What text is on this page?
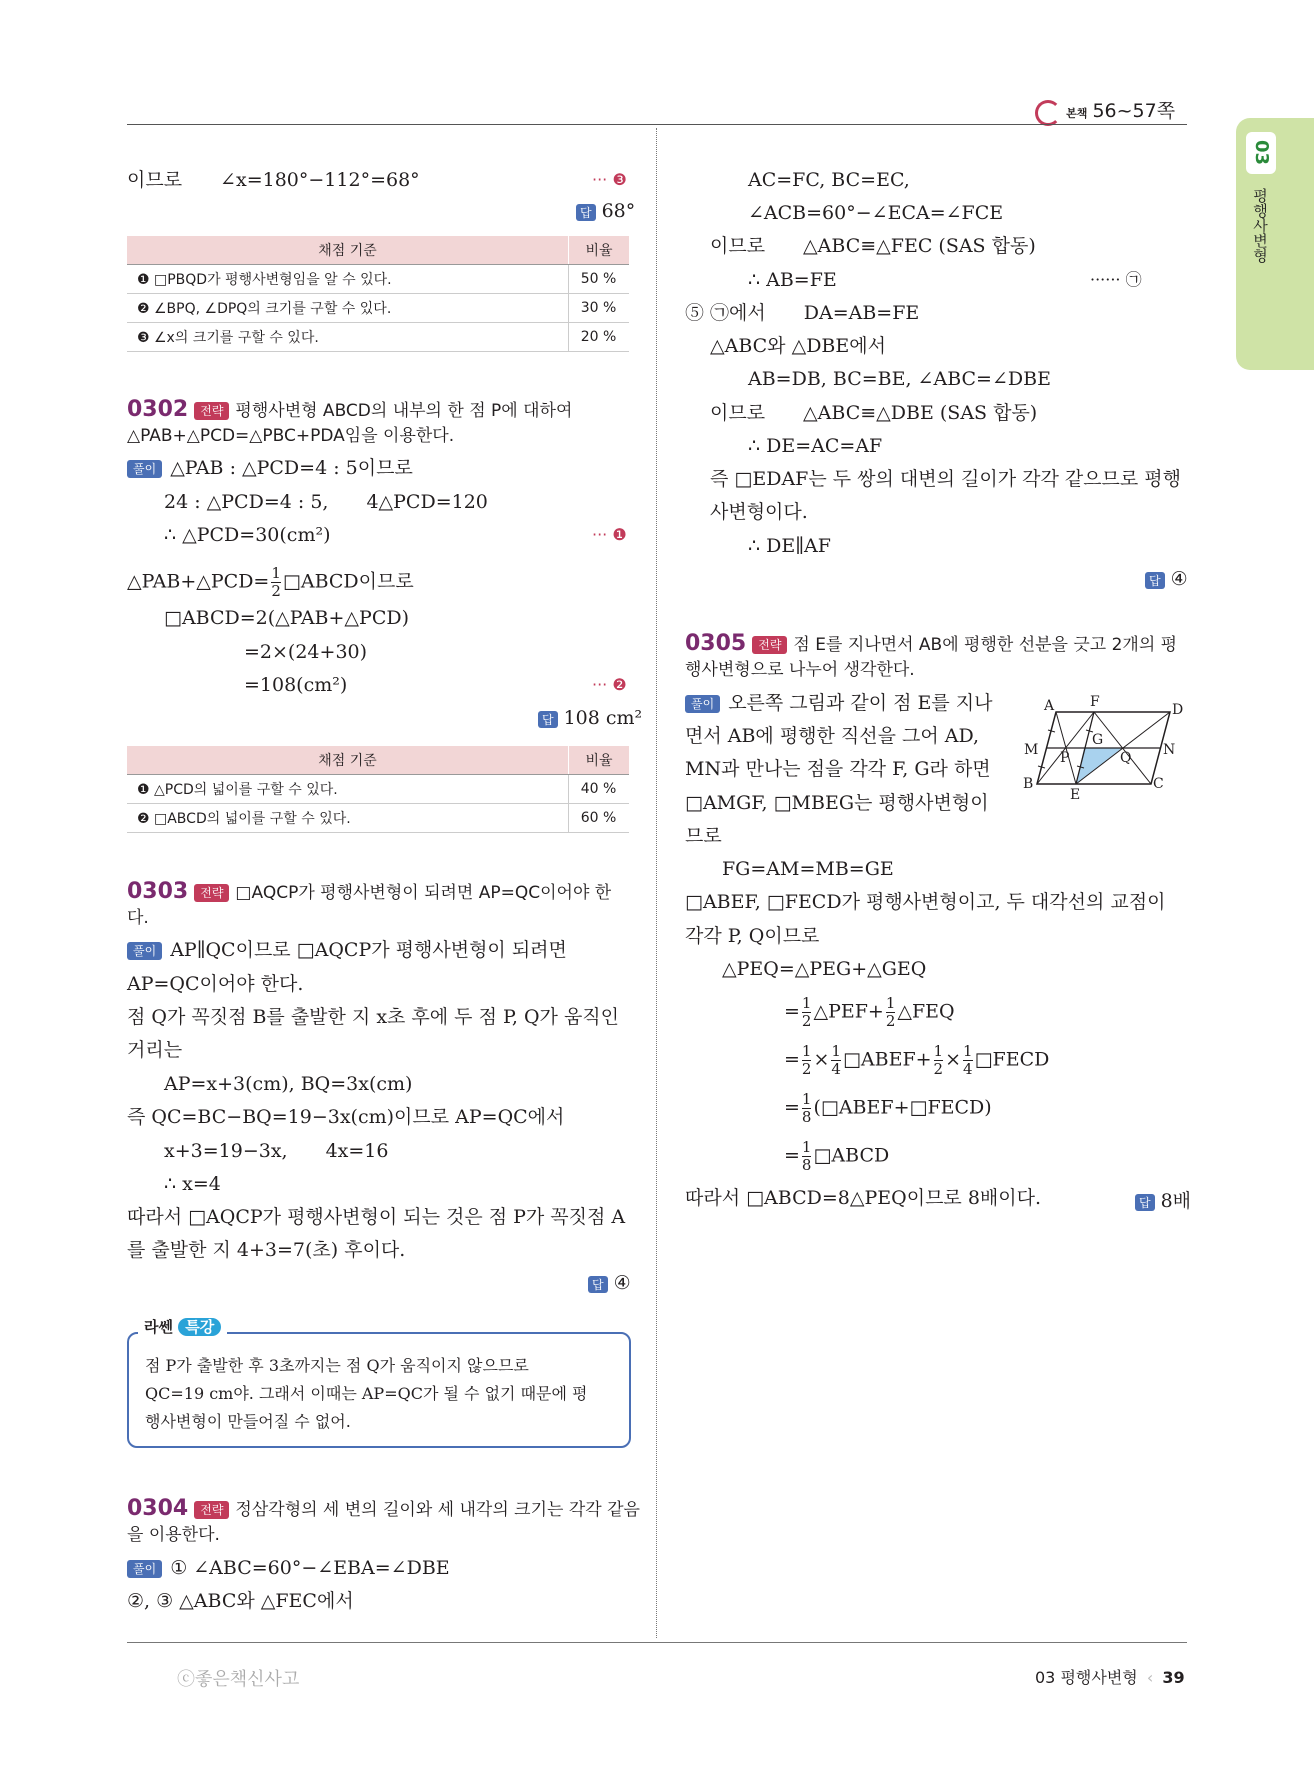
본책 56~57쪽
03
평행사변형
이므로　　∠x=180°−112°=68°	··· ❸
답 68°
채점 기준	비율
❶ □PBQD가 평행사변형임을 알 수 있다.	50 %
❷ ∠BPQ, ∠DPQ의 크기를 구할 수 있다.	30 %
❸ ∠x의 크기를 구할 수 있다.	20 %
0302 전략 평행사변형 ABCD의 내부의 한 점 P에 대하여
△PAB+△PCD=△PBC+PDA임을 이용한다.
풀이 △PAB : △PCD=4 : 5이므로
24 : △PCD=4 : 5,　　4△PCD=120
∴ △PCD=30(cm²)	··· ❶
△PAB+△PCD= $\frac{1}{2}$ □ABCD이므로
□ABCD=2(△PAB+△PCD)
=2×(24+30)
=108(cm²)	··· ❷
답 108 cm²
채점 기준	비율
❶ △PCD의 넓이를 구할 수 있다.	40 %
❷ □ABCD의 넓이를 구할 수 있다.	60 %
0303 전략 □AQCP가 평행사변형이 되려면 AP=QC이어야 한
다.
풀이 AP∥QC이므로 □AQCP가 평행사변형이 되려면
AP=QC이어야 한다.
점 Q가 꼭짓점 B를 출발한 지 x초 후에 두 점 P, Q가 움직인
거리는
AP=x+3(cm), BQ=3x(cm)
즉 QC=BC−BQ=19−3x(cm)이므로 AP=QC에서
x+3=19−3x,　　4x=16
∴ x=4
따라서 □AQCP가 평행사변형이 되는 것은 점 P가 꼭짓점 A
를 출발한 지 4+3=7(초) 후이다.
답 ④
라쎈 특강
점 P가 출발한 후 3초까지는 점 Q가 움직이지 않으므로
QC=19 cm야. 그래서 이때는 AP=QC가 될 수 없기 때문에 평
행사변형이 만들어질 수 없어.
0304 전략 정삼각형의 세 변의 길이와 세 내각의 크기는 각각 같음
을 이용한다.
풀이 ① ∠ABC=60°−∠EBA=∠DBE
②, ③ △ABC와 △FEC에서
AC=FC, BC=EC,
∠ACB=60°−∠ECA=∠FCE
이므로　　△ABC≡△FEC (SAS 합동)
∴ AB=FE	······ ㉠
⑤ ㉠에서　　DA=AB=FE
△ABC와 △DBE에서
AB=DB, BC=BE, ∠ABC=∠DBE
이므로　　△ABC≡△DBE (SAS 합동)
∴ DE=AC=AF
즉 □EDAF는 두 쌍의 대변의 길이가 각각 같으므로 평행
사변형이다.
∴ DE∥AF
답 ④
0305 전략 점 E를 지나면서 AB에 평행한 선분을 긋고 2개의 평
행사변형으로 나누어 생각한다.
풀이 오른쪽 그림과 같이 점 E를 지나
면서 AB에 평행한 직선을 그어 AD,
MN과 만나는 점을 각각 F, G라 하면
□AMGF, □MBEG는 평행사변형이
므로
FG=AM=MB=GE
□ABEF, □FECD가 평행사변형이고, 두 대각선의 교점이
각각 P, Q이므로
△PEQ=△PEG+△GEQ
= $\frac{1}{2}$ △PEF+ $\frac{1}{2}$ △FEQ
= $\frac{1}{2} \times \frac{1}{4}$ □ABEF+ $\frac{1}{2} \times \frac{1}{4}$ □FECD
= $\frac{1}{8}$ (□ABEF+□FECD)
= $\frac{1}{8}$ □ABCD
따라서 □ABCD=8△PEQ이므로 8배이다.	답 8배
A	F	D
M
G
N
P	Q
B
E
C
ⓒ좋은책신사고	03 평행사변형 ‹ 39
